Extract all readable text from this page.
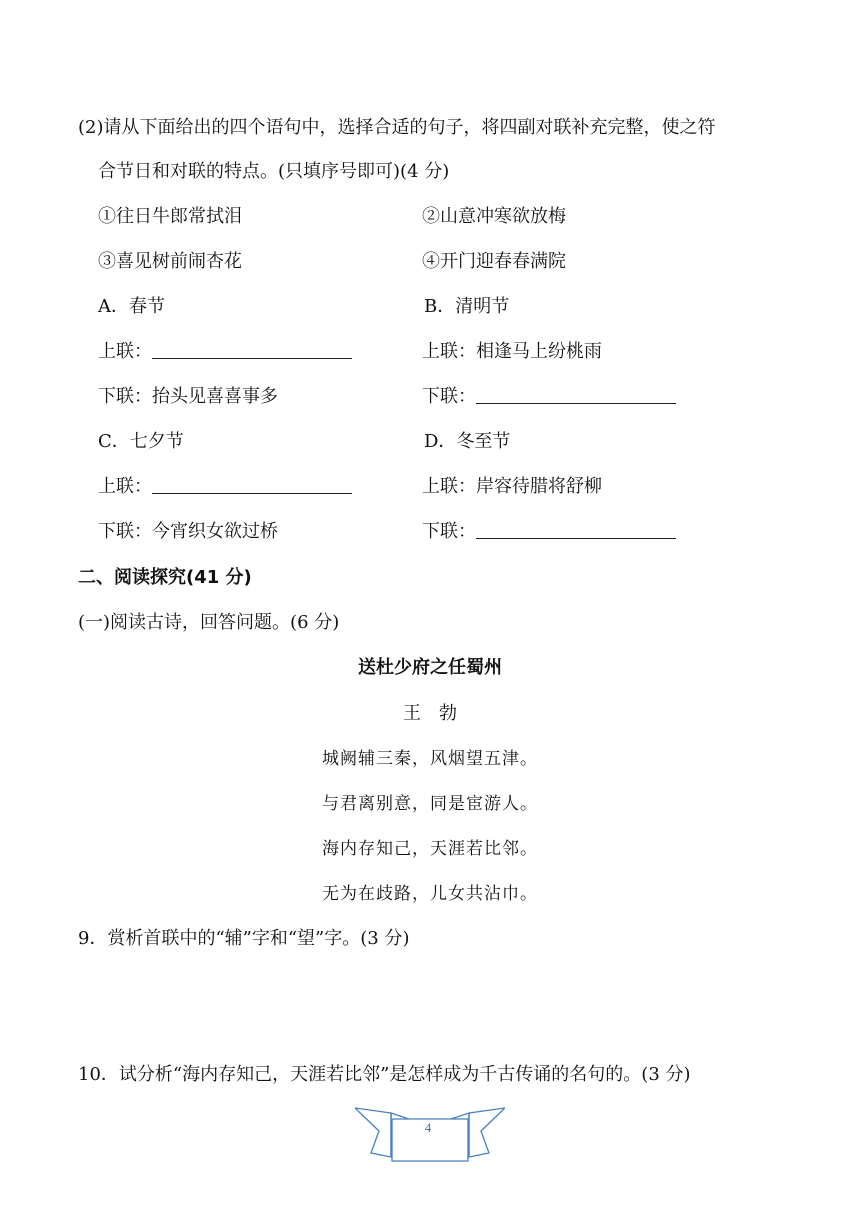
(2)请从下面给出的四个语句中，选择合适的句子，将四副对联补充完整，使之符
合节日和对联的特点。(只填序号即可)(4 分)
①往日牛郎常拭泪	②山意冲寒欲放梅
③喜见树前闹杏花	④开门迎春春满院
A．春节	B．清明节
上联：	上联：相逢马上纷桃雨
下联：抬头见喜喜事多	下联：
C．七夕节	D．冬至节
上联：	上联：岸容待腊将舒柳
下联：今宵织女欲过桥	下联：
二、阅读探究(41 分)
(一)阅读古诗，回答问题。(6 分)
送杜少府之任蜀州
王　勃
城阙辅三秦，风烟望五津。
与君离别意，同是宦游人。
海内存知己，天涯若比邻。
无为在歧路，儿女共沾巾。
9．赏析首联中的“辅”字和“望”字。(3 分)
10．试分析“海内存知己，天涯若比邻”是怎样成为千古传诵的名句的。(3 分)
4
